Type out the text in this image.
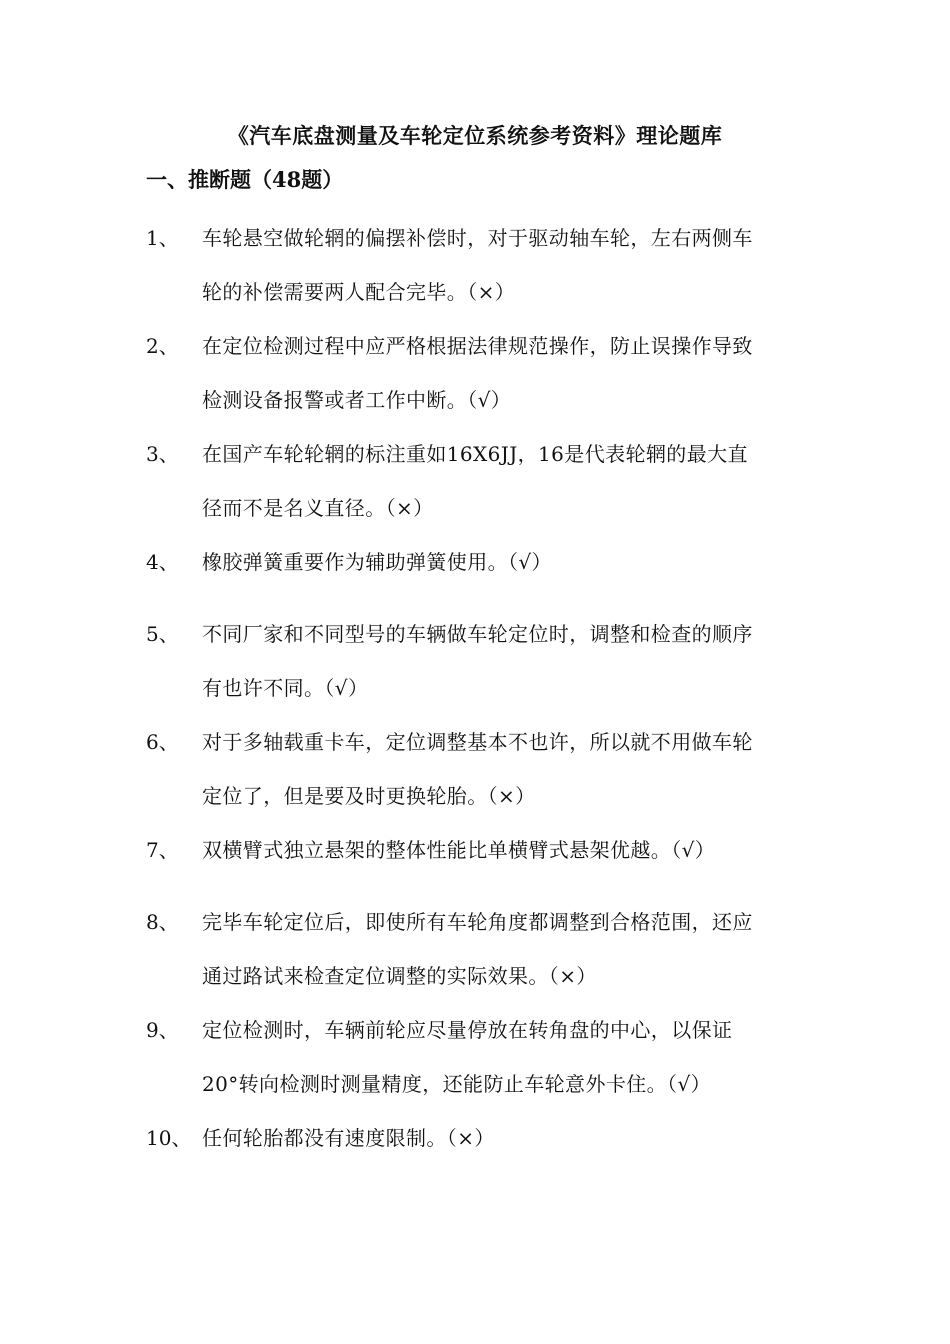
《汽车底盘测量及车轮定位系统参考资料》理论题库
一、推断题（48题）
1、 车轮悬空做轮辋的偏摆补偿时，对于驱动轴车轮，左右两侧车
轮的补偿需要两人配合完毕。（×）
2、 在定位检测过程中应严格根据法律规范操作，防止误操作导致
检测设备报警或者工作中断。（√）
3、 在国产车轮轮辋的标注重如16X6JJ，16是代表轮辋的最大直
径而不是名义直径。（×）
4、 橡胶弹簧重要作为辅助弹簧使用。（√）
5、 不同厂家和不同型号的车辆做车轮定位时，调整和检查的顺序
有也许不同。（√）
6、 对于多轴载重卡车，定位调整基本不也许，所以就不用做车轮
定位了，但是要及时更换轮胎。（×）
7、 双横臂式独立悬架的整体性能比单横臂式悬架优越。（√）
8、 完毕车轮定位后，即使所有车轮角度都调整到合格范围，还应
通过路试来检查定位调整的实际效果。（×）
9、 定位检测时，车辆前轮应尽量停放在转角盘的中心，以保证
20°转向检测时测量精度，还能防止车轮意外卡住。（√）
10、 任何轮胎都没有速度限制。（×）
